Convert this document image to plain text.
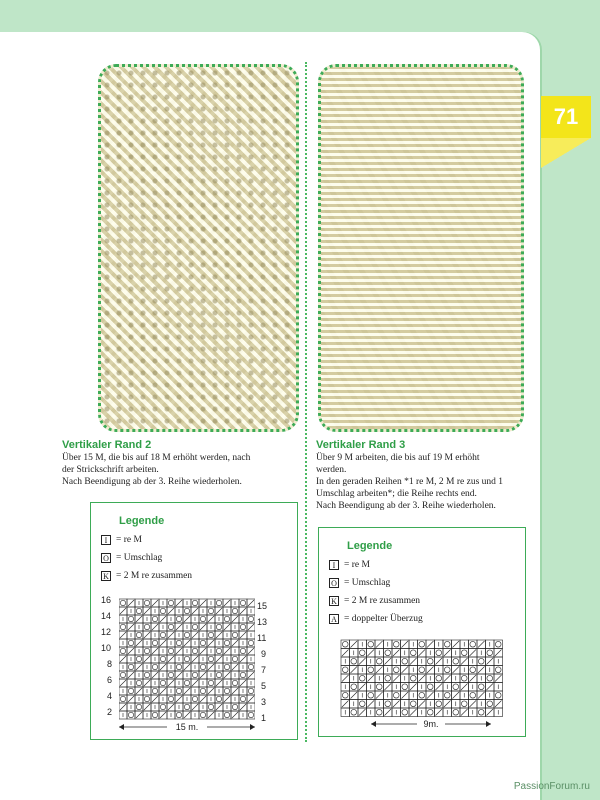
71
Vertikaler Rand 2
Über 15 M, die bis auf 18 M erhöht werden, nach
der Strickschrift arbeiten.
Nach Beendigung ab der 3. Reihe wiederholen.
Vertikaler Rand 3
Über 9 M arbeiten, die bis auf 19 M erhöht
werden.
In den geraden Reihen *1 re M, 2 M re zus und 1
Umschlag arbeiten*; die Reihe rechts end.
Nach Beendigung ab der 3. Reihe wiederholen.
Legende
I = re M
O = Umschlag
K = 2 M re zusammen
16
14
12
10
8
6
4
2
15
13
11
9
7
5
3
1
15 m.
Legende
I = re M
O = Umschlag
K = 2 M re zusammen
A = doppelter Überzug
9m.
PassionForum.ru
